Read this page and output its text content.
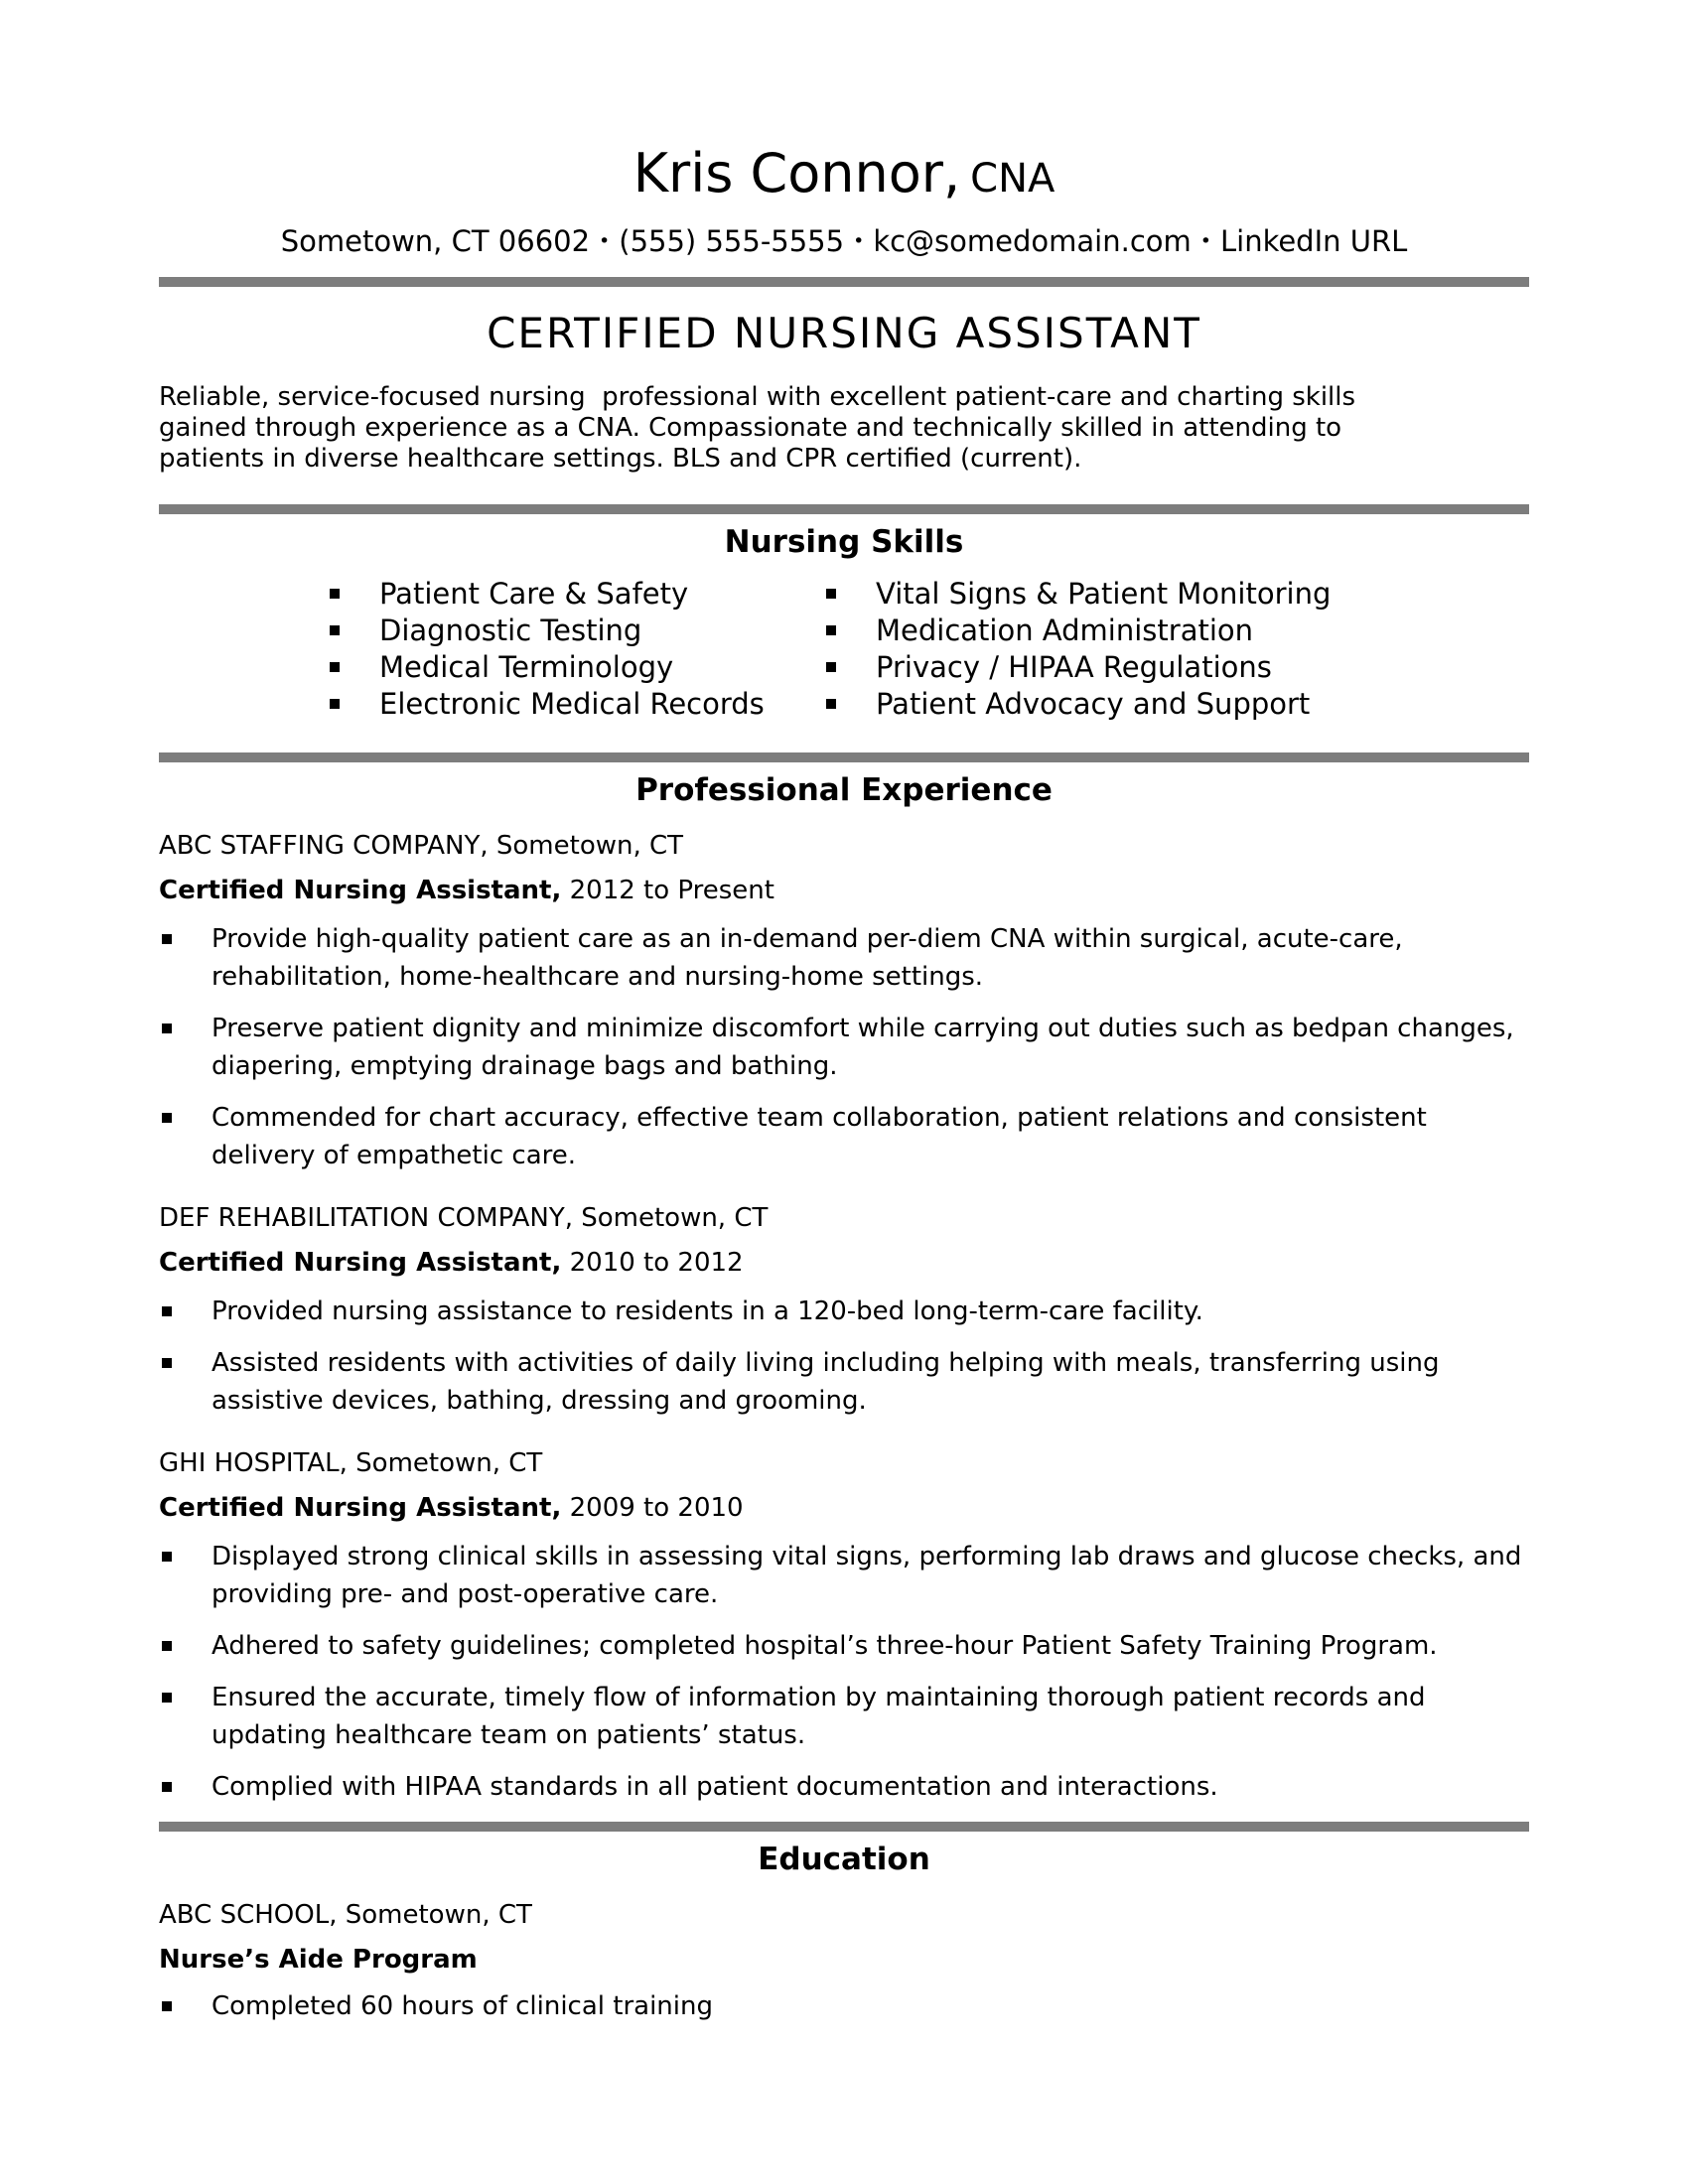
Kris Connor, CNA
Sometown, CT 06602 • (555) 555-5555 • kc@somedomain.com • LinkedIn URL
CERTIFIED NURSING ASSISTANT
Reliable, service-focused nursing  professional with excellent patient-care and charting skills
gained through experience as a CNA. Compassionate and technically skilled in attending to
patients in diverse healthcare settings. BLS and CPR certified (current).
Nursing Skills
Patient Care & Safety
Diagnostic Testing
Medical Terminology
Electronic Medical Records
Vital Signs & Patient Monitoring
Medication Administration
Privacy / HIPAA Regulations
Patient Advocacy and Support
Professional Experience
ABC STAFFING COMPANY, Sometown, CT
Certified Nursing Assistant, 2012 to Present
Provide high-quality patient care as an in-demand per-diem CNA within surgical, acute-care, rehabilitation, home-healthcare and nursing-home settings.
Preserve patient dignity and minimize discomfort while carrying out duties such as bedpan changes, diapering, emptying drainage bags and bathing.
Commended for chart accuracy, effective team collaboration, patient relations and consistent delivery of empathetic care.
DEF REHABILITATION COMPANY, Sometown, CT
Certified Nursing Assistant, 2010 to 2012
Provided nursing assistance to residents in a 120-bed long-term-care facility.
Assisted residents with activities of daily living including helping with meals, transferring using assistive devices, bathing, dressing and grooming.
GHI HOSPITAL, Sometown, CT
Certified Nursing Assistant, 2009 to 2010
Displayed strong clinical skills in assessing vital signs, performing lab draws and glucose checks, and providing pre- and post-operative care.
Adhered to safety guidelines; completed hospital’s three-hour Patient Safety Training Program.
Ensured the accurate, timely flow of information by maintaining thorough patient records and updating healthcare team on patients’ status.
Complied with HIPAA standards in all patient documentation and interactions.
Education
ABC SCHOOL, Sometown, CT
Nurse’s Aide Program
Completed 60 hours of clinical training
